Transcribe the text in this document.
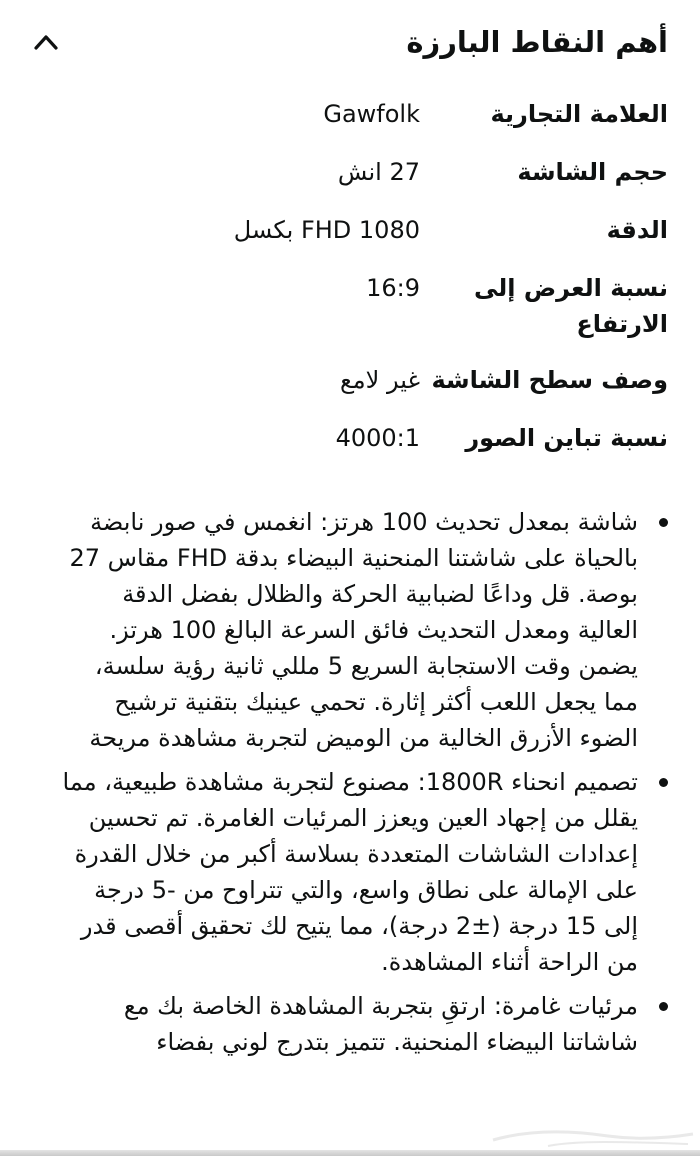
أهم النقاط البارزة
العلامة التجارية
Gawfolk
حجم الشاشة
27 انش
الدقة
FHD 1080 بكسل
نسبة العرض إلى الارتفاع
16:9
وصف سطح الشاشة
غير لامع
نسبة تباين الصور
4000:1
شاشة بمعدل تحديث 100 هرتز: انغمس في صور نابضة بالحياة على شاشتنا المنحنية البيضاء بدقة FHD مقاس 27 بوصة. قل وداعًا لضبابية الحركة والظلال بفضل الدقة العالية ومعدل التحديث فائق السرعة البالغ 100 هرتز. يضمن وقت الاستجابة السريع 5 مللي ثانية رؤية سلسة، مما يجعل اللعب أكثر إثارة. تحمي عينيك بتقنية ترشيح الضوء الأزرق الخالية من الوميض لتجربة مشاهدة مريحة
تصميم انحناء 1800R: مصنوع لتجربة مشاهدة طبيعية، مما يقلل من إجهاد العين ويعزز المرئيات الغامرة. تم تحسين إعدادات الشاشات المتعددة بسلاسة أكبر من خلال القدرة على الإمالة على نطاق واسع، والتي تتراوح من -5 درجة إلى 15 درجة (±2 درجة)، مما يتيح لك تحقيق أقصى قدر من الراحة أثناء المشاهدة.
مرئيات غامرة: ارتقِ بتجربة المشاهدة الخاصة بك مع شاشاتنا البيضاء المنحنية. تتميز بتدرج لوني بفضاء
